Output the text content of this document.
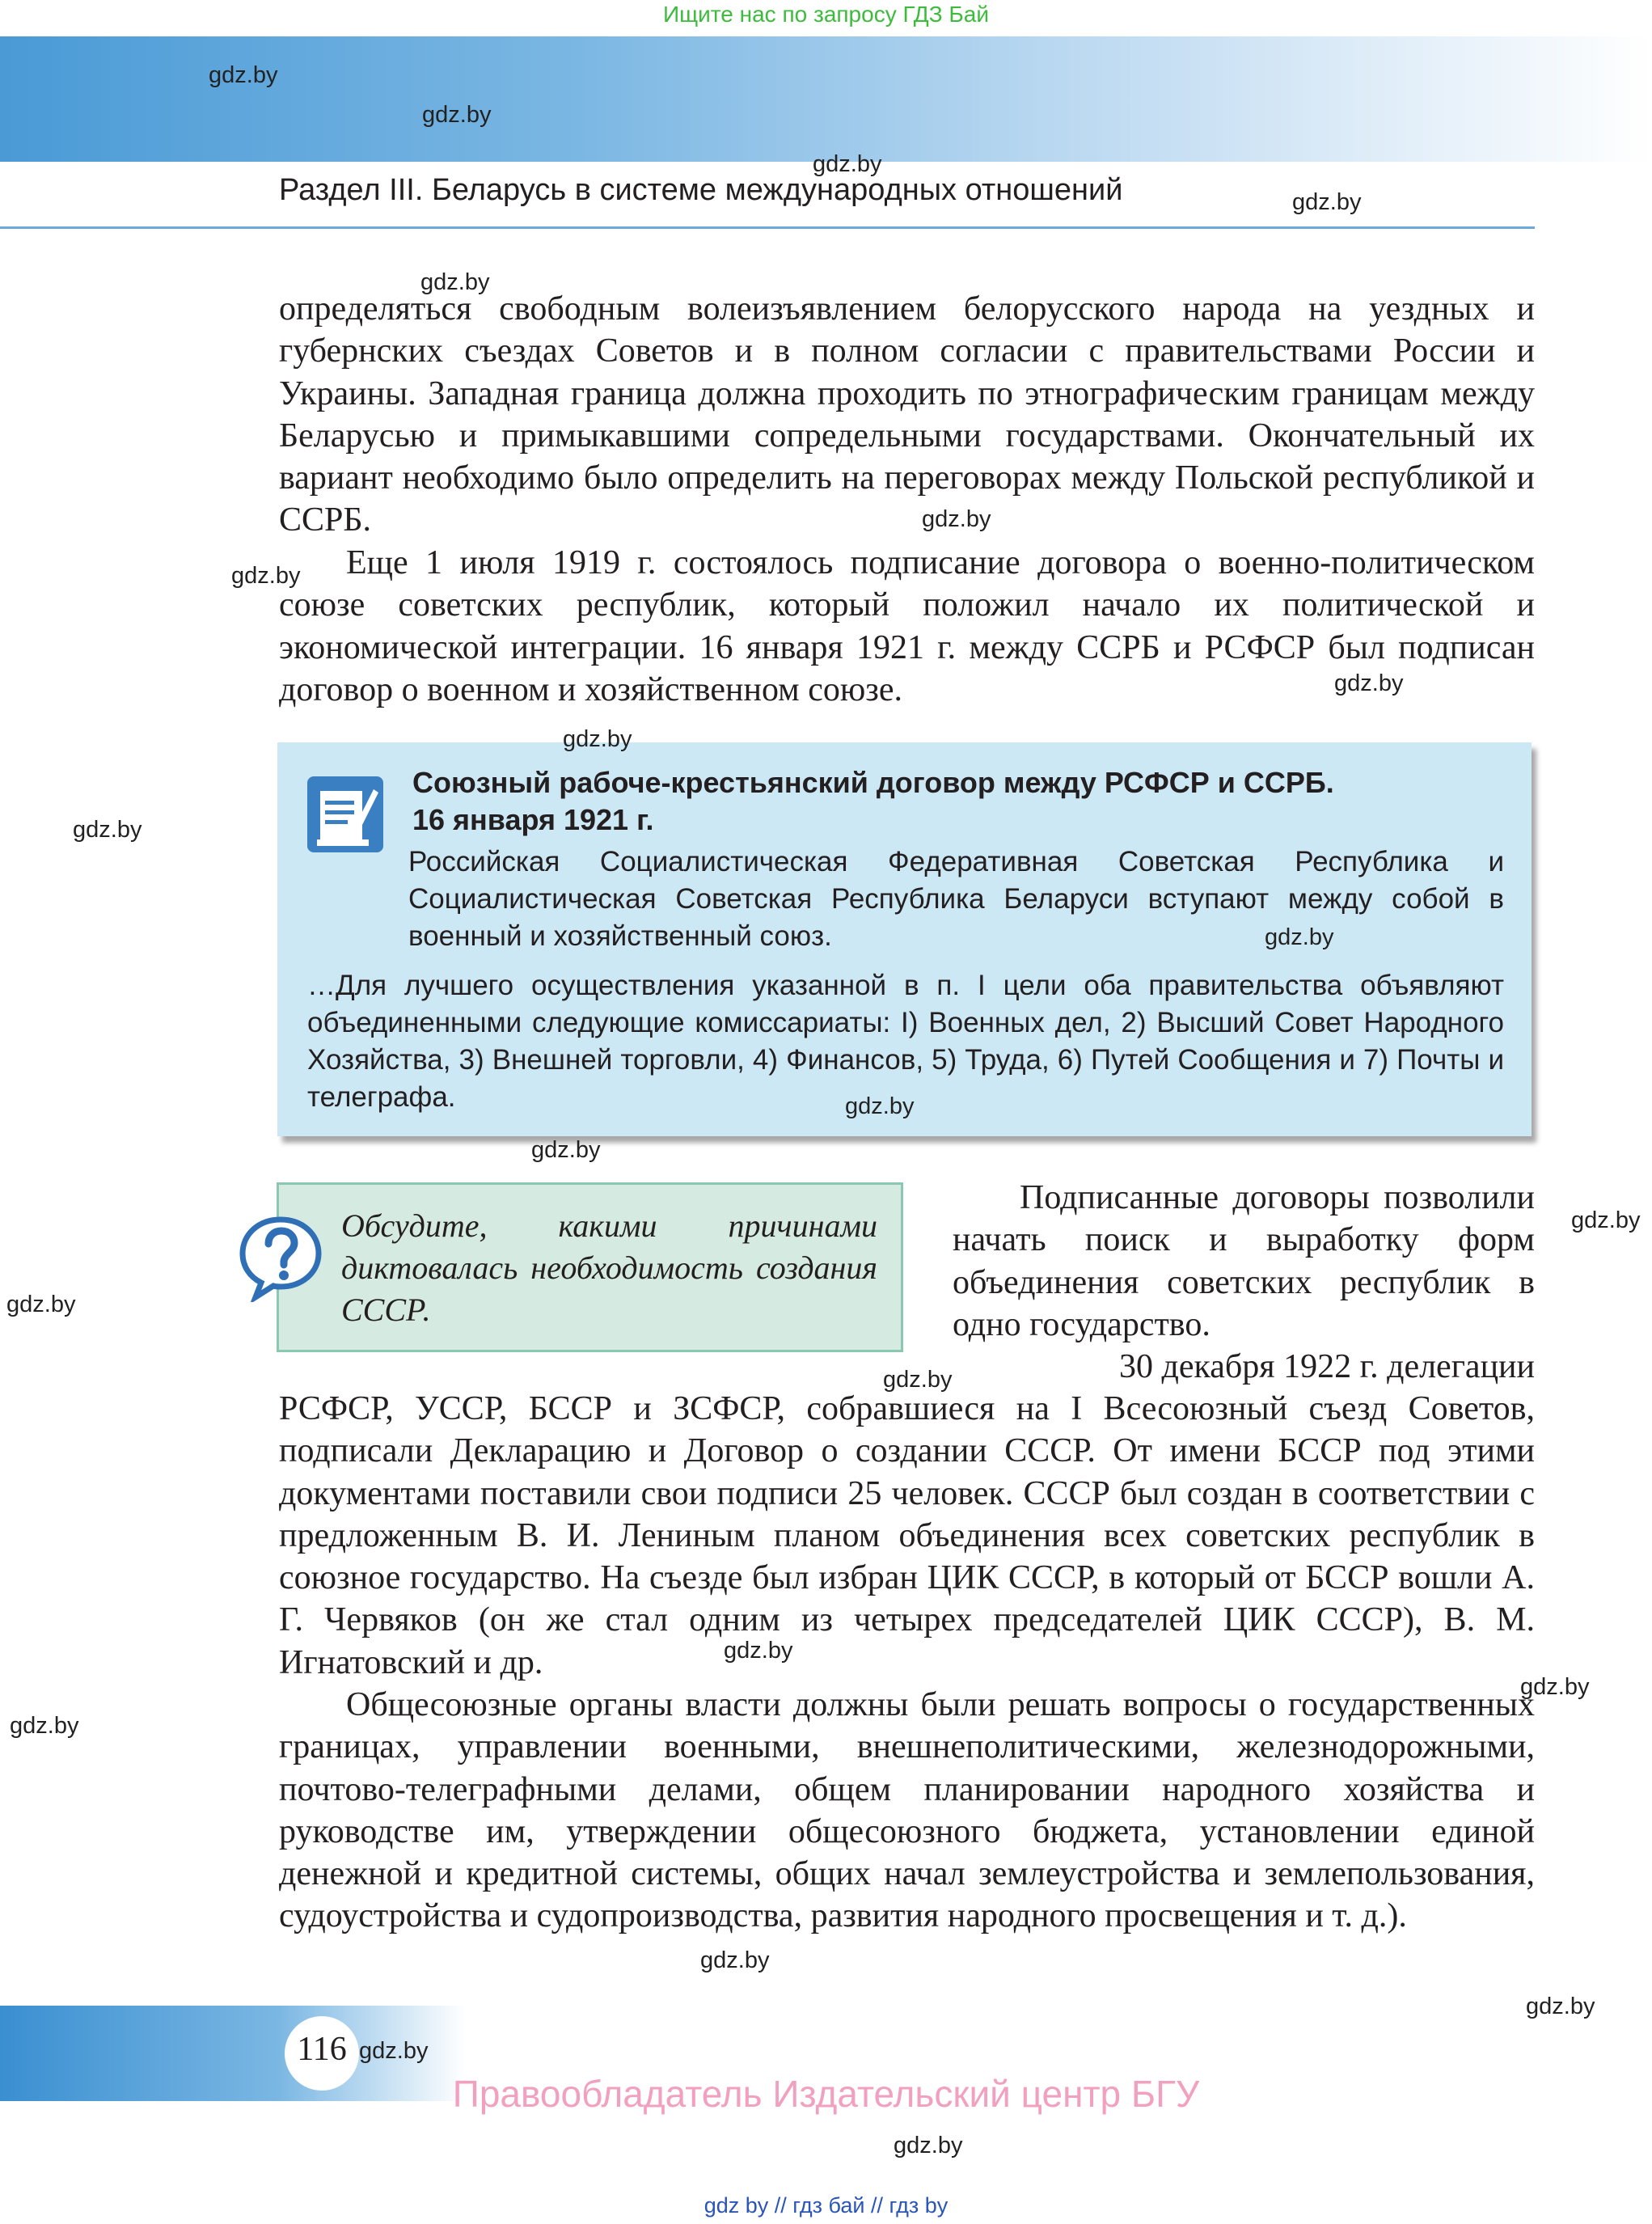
Ищите нас по запросу ГДЗ Бай
Раздел III. Беларусь в системе международных отношений

определяться свободным волеизъявлением белорусского народа на уездных и губернских съездах Советов и в полном согласии с правительствами России и Украины. Западная граница должна проходить по этнографическим границам между Беларусью и примыкавшими сопредельными государствами. Окончательный их вариант необходимо было определить на переговорах между Польской республикой и ССРБ.

Еще 1 июля 1919 г. состоялось подписание договора о военно-политическом союзе советских республик, который положил начало их политической и экономической интеграции. 16 января 1921 г. между ССРБ и РСФСР был подписан договор о военном и хозяйственном союзе.

Союзный рабоче-крестьянский договор между РСФСР и ССРБ.
16 января 1921 г.

Российская Социалистическая Федеративная Советская Республика и Социалистическая Советская Республика Беларуси вступают между собой в военный и хозяйственный союз.

…Для лучшего осуществления указанной в п. I цели оба правительства объявляют объединенными следующие комиссариаты: I) Военных дел, 2) Высший Совет Народного Хозяйства, 3) Внешней торговли, 4) Финансов, 5) Труда, 6) Путей Сообщения и 7) Почты и телеграфа.

Обсудите, какими причинами диктовалась необходимость создания СССР.

Подписанные договоры позволили начать поиск и выработку форм объединения советских республик в одно государство.

30 декабря 1922 г. делегации

РСФСР, УССР, БССР и ЗСФСР, собравшиеся на I Всесоюзный съезд Советов, подписали Декларацию и Договор о создании СССР. От имени БССР под этими документами поставили свои подписи 25 человек. СССР был создан в соответствии с предложенным В. И. Лениным планом объединения всех советских республик в союзное государство. На съезде был избран ЦИК СССР, в который от БССР вошли А. Г. Червяков (он же стал одним из четырех председателей ЦИК СССР), В. М. Игнатовский и др.

Общесоюзные органы власти должны были решать вопросы о государственных границах, управлении военными, внешнеполитическими, железнодорожными, почтово-телеграфными делами, общем планировании народного хозяйства и руководстве им, утверждении общесоюзного бюджета, установлении единой денежной и кредитной системы, общих начал землеустройства и землепользования, судоустройства и судопроизводства, развития народного просвещения и т. д.).

116
Правообладатель Издательский центр БГУ
gdz by // гдз бай // гдз by
gdz.by
gdz.by
gdz.by
gdz.by
gdz.by
gdz.by
gdz.by
gdz.by
gdz.by
gdz.by
gdz.by
gdz.by
gdz.by
gdz.by
gdz.by
gdz.by
gdz.by
gdz.by
gdz.by
gdz.by
gdz.by
gdz.by
gdz.by
